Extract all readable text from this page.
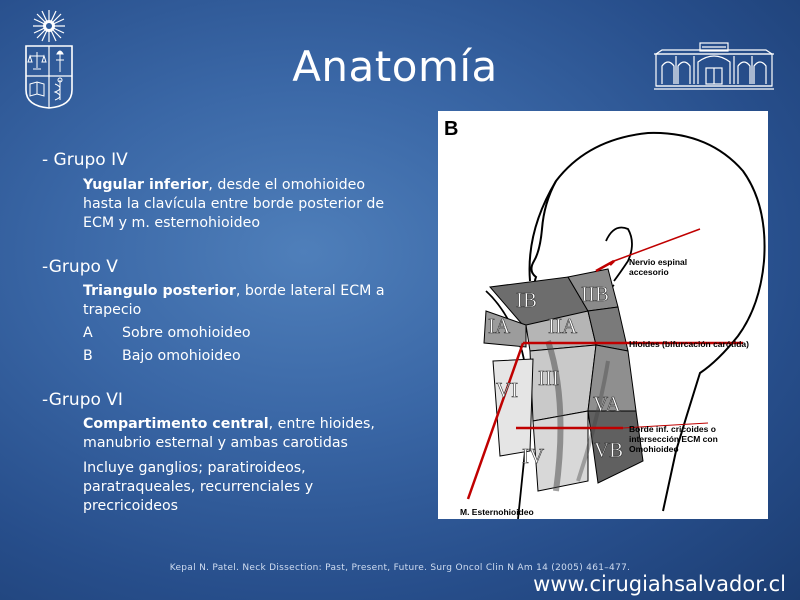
Anatomía
- Grupo IV
Yugular inferior, desde el omohioideo hasta la clavícula entre borde posterior de ECM y m. esternohioideo
-Grupo V
Triangulo posterior, borde lateral ECM a trapecio
A Sobre omohioideo
B Bajo omohioideo
-Grupo VI
Compartimento central, entre hioides, manubrio esternal y ambas carotidas
Incluye ganglios; paratiroideos, paratraqueales, recurrenciales y precricoideos
IB IIB
IA IIA
III
VA
IV VB
VI
B
Nervio espinal accesorio
Hioides (bifurcación carótida)
Borde inf. cricoides o intersección ECM con Omohioideo
M. Esternohioideo
Kepal N. Patel. Neck Dissection: Past, Present, Future. Surg Oncol Clin N Am 14 (2005) 461–477.
www.cirugiahsalvador.cl
